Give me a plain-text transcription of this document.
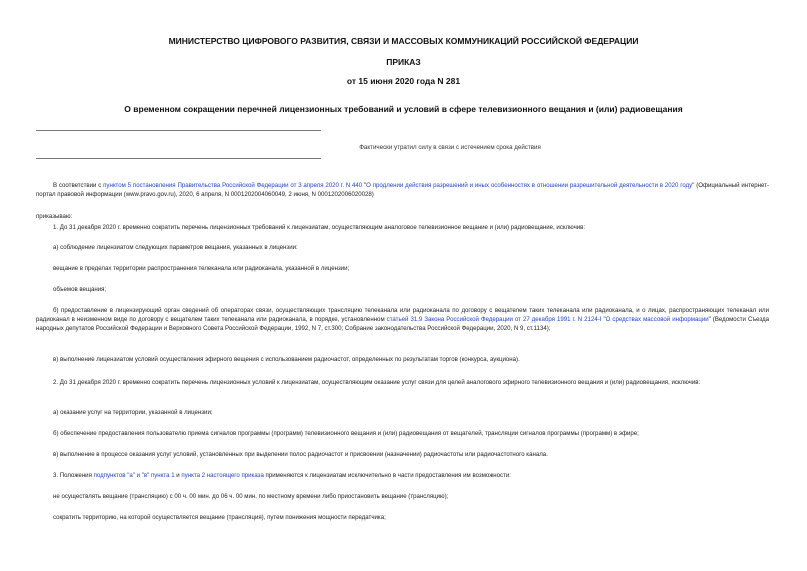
МИНИСТЕРСТВО ЦИФРОВОГО РАЗВИТИЯ, СВЯЗИ И МАССОВЫХ КОММУНИКАЦИЙ РОССИЙСКОЙ ФЕДЕРАЦИИ
ПРИКАЗ
от 15 июня 2020 года N 281
О временном сокращении перечней лицензионных требований и условий в сфере телевизионного вещания и (или) радиовещания
Фактически утратил силу в связи с истечением срока действия
В соответствии с пунктом 5 постановления Правительства Российской Федерации от 3 апреля 2020 г. N 440 "О продлении действия разрешений и иных особенностях в отношении разрешительной деятельности в 2020 году" (Официальный интернет-портал правовой информации (www.pravo.gov.ru), 2020, 6 апреля, N 0001202004060049, 2 июня, N 0001202006020028)
приказываю:
1. До 31 декабря 2020 г. временно сократить перечень лицензионных требований к лицензиатам, осуществляющим аналоговое телевизионное вещание и (или) радиовещание, исключив:
а) соблюдение лицензиатом следующих параметров вещания, указанных в лицензии:
вещание в пределах территории распространения телеканала или радиоканала, указанной в лицензии;
объемов вещания;
б) предоставление в лицензирующий орган сведений об операторах связи, осуществляющих трансляцию телеканала или радиоканала по договору с вещателем таких телеканала или радиоканала, и о лицах, распространяющих телеканал или радиоканал в неизменном виде по договору с вещателем таких телеканала или радиоканала, в порядке, установленном статьей 31.9 Закона Российской Федерации от 27 декабря 1991 г. N 2124-I "О средствах массовой информации" (Ведомости Съезда народных депутатов Российской Федерации и Верховного Совета Российской Федерации, 1992, N 7, ст.300; Собрание законодательства Российской Федерации, 2020, N 9, ст.1134);
в) выполнение лицензиатом условий осуществления эфирного вещения с использованием радиочастот, определенных по результатам торгов (конкурса, аукциона).
2. До 31 декабря 2020 г. временно сократить перечень лицензионных условий к лицензиатам, осуществляющим оказание услуг связи для целей аналогового эфирного телевизионного вещания и (или) радиовещания, исключив:
а) оказание услуг на территории, указанной в лицензии;
б) обеспечение предоставления пользователю приема сигналов программы (программ) телевизионного вещания и (или) радиовещания от вещателей, трансляции сигналов программы (программ) в эфире;
в) выполнение в процессе оказания услуг условий, установленных при выделении полос радиочастот и присвоении (назначении) радиочастоты или радиочастотного канала.
3. Положения подпунктов "а" и "в" пункта 1 и пункта 2 настоящего приказа применяются к лицензиатам исключительно в части предоставления им возможности:
не осуществлять вещание (трансляцию) с 00 ч. 00 мин. до 06 ч. 00 мин. по местному времени либо приостановить вещание (трансляцию);
сократить территорию, на которой осуществляется вещание (трансляция), путем понижения мощности передатчика;
